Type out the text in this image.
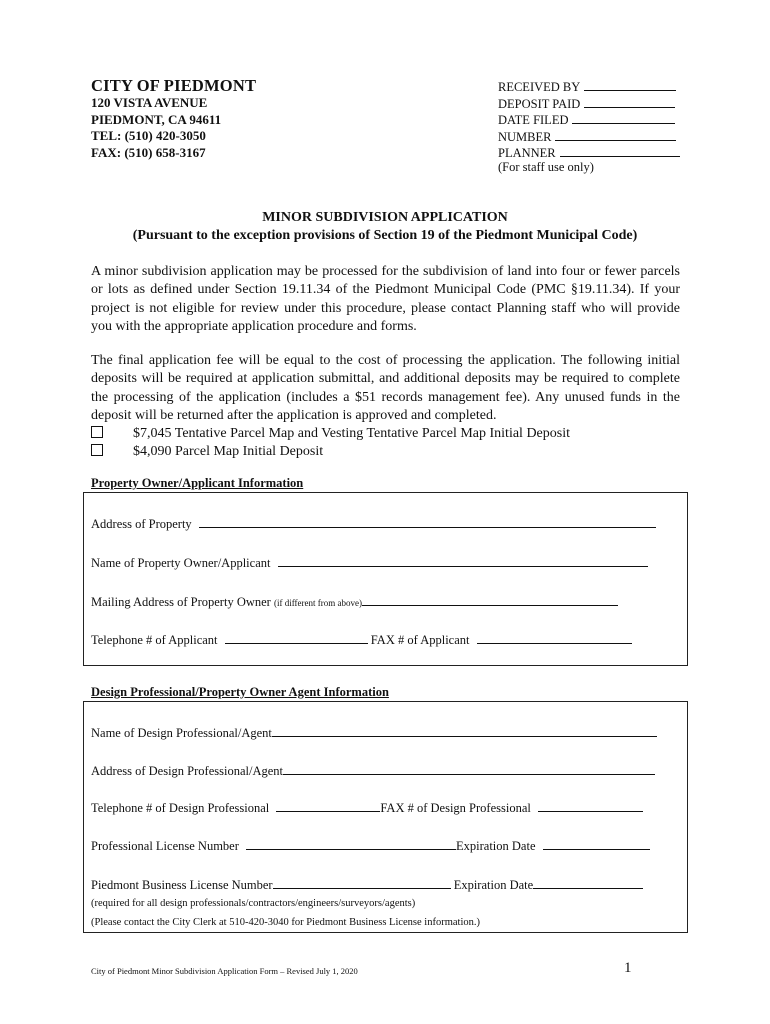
CITY OF PIEDMONT
120 VISTA AVENUE
PIEDMONT, CA 94611
TEL: (510) 420-3050
FAX: (510) 658-3167
RECEIVED BY
DEPOSIT PAID
DATE FILED
NUMBER
PLANNER
(For staff use only)
MINOR SUBDIVISION APPLICATION
(Pursuant to the exception provisions of Section 19 of the Piedmont Municipal Code)
A minor subdivision application may be processed for the subdivision of land into four or fewer parcels or lots as defined under Section 19.11.34 of the Piedmont Municipal Code (PMC §19.11.34). If your project is not eligible for review under this procedure, please contact Planning staff who will provide you with the appropriate application procedure and forms.
The final application fee will be equal to the cost of processing the application. The following initial deposits will be required at application submittal, and additional deposits may be required to complete the processing of the application (includes a $51 records management fee). Any unused funds in the deposit will be returned after the application is approved and completed.
$7,045 Tentative Parcel Map and Vesting Tentative Parcel Map Initial Deposit
$4,090 Parcel Map Initial Deposit
Property Owner/Applicant Information
Address of Property
Name of Property Owner/Applicant
Mailing Address of Property Owner (if different from above)
Telephone # of Applicant	FAX # of Applicant
Design Professional/Property Owner Agent Information
Name of Design Professional/Agent
Address of Design Professional/Agent
Telephone # of Design Professional	FAX # of Design Professional
Professional License Number	Expiration Date
Piedmont Business License Number	Expiration Date
(required for all design professionals/contractors/engineers/surveyors/agents)
(Please contact the City Clerk at 510-420-3040 for Piedmont Business License information.)
City of Piedmont Minor Subdivision Application Form – Revised July 1, 2020	1
